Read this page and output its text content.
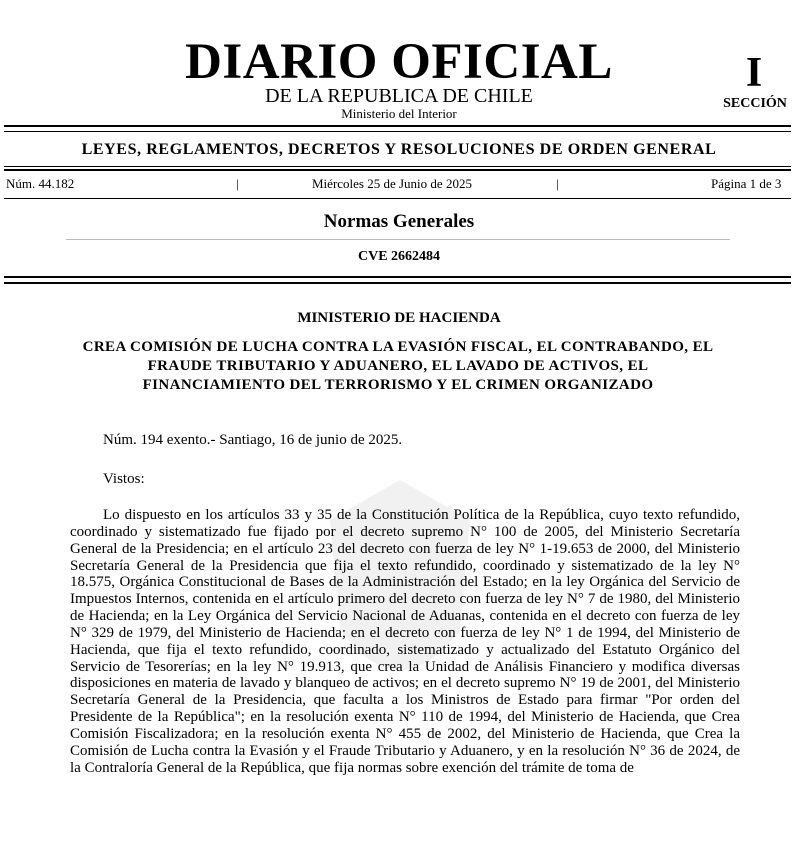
DIARIO OFICIAL
DE LA REPUBLICA DE CHILE
Ministerio del Interior
I
SECCIÓN
LEYES, REGLAMENTOS, DECRETOS Y RESOLUCIONES DE ORDEN GENERAL
Núm. 44.182	|	Miércoles 25 de Junio de 2025	|	Página 1 de 3
Normas Generales
CVE 2662484
MINISTERIO DE HACIENDA
CREA COMISIÓN DE LUCHA CONTRA LA EVASIÓN FISCAL, EL CONTRABANDO, EL FRAUDE TRIBUTARIO Y ADUANERO, EL LAVADO DE ACTIVOS, EL FINANCIAMIENTO DEL TERRORISMO Y EL CRIMEN ORGANIZADO
Núm. 194 exento.- Santiago, 16 de junio de 2025.
Vistos:
Lo dispuesto en los artículos 33 y 35 de la Constitución Política de la República, cuyo texto refundido, coordinado y sistematizado fue fijado por el decreto supremo N° 100 de 2005, del Ministerio Secretaría General de la Presidencia; en el artículo 23 del decreto con fuerza de ley N° 1-19.653 de 2000, del Ministerio Secretaría General de la Presidencia que fija el texto refundido, coordinado y sistematizado de la ley N° 18.575, Orgánica Constitucional de Bases de la Administración del Estado; en la ley Orgánica del Servicio de Impuestos Internos, contenida en el artículo primero del decreto con fuerza de ley N° 7 de 1980, del Ministerio de Hacienda; en la Ley Orgánica del Servicio Nacional de Aduanas, contenida en el decreto con fuerza de ley N° 329 de 1979, del Ministerio de Hacienda; en el decreto con fuerza de ley N° 1 de 1994, del Ministerio de Hacienda, que fija el texto refundido, coordinado, sistematizado y actualizado del Estatuto Orgánico del Servicio de Tesorerías; en la ley N° 19.913, que crea la Unidad de Análisis Financiero y modifica diversas disposiciones en materia de lavado y blanqueo de activos; en el decreto supremo N° 19 de 2001, del Ministerio Secretaría General de la Presidencia, que faculta a los Ministros de Estado para firmar "Por orden del Presidente de la República"; en la resolución exenta N° 110 de 1994, del Ministerio de Hacienda, que Crea Comisión Fiscalizadora; en la resolución exenta N° 455 de 2002, del Ministerio de Hacienda, que Crea la Comisión de Lucha contra la Evasión y el Fraude Tributario y Aduanero, y en la resolución N° 36 de 2024, de la Contraloría General de la República, que fija normas sobre exención del trámite de toma de
